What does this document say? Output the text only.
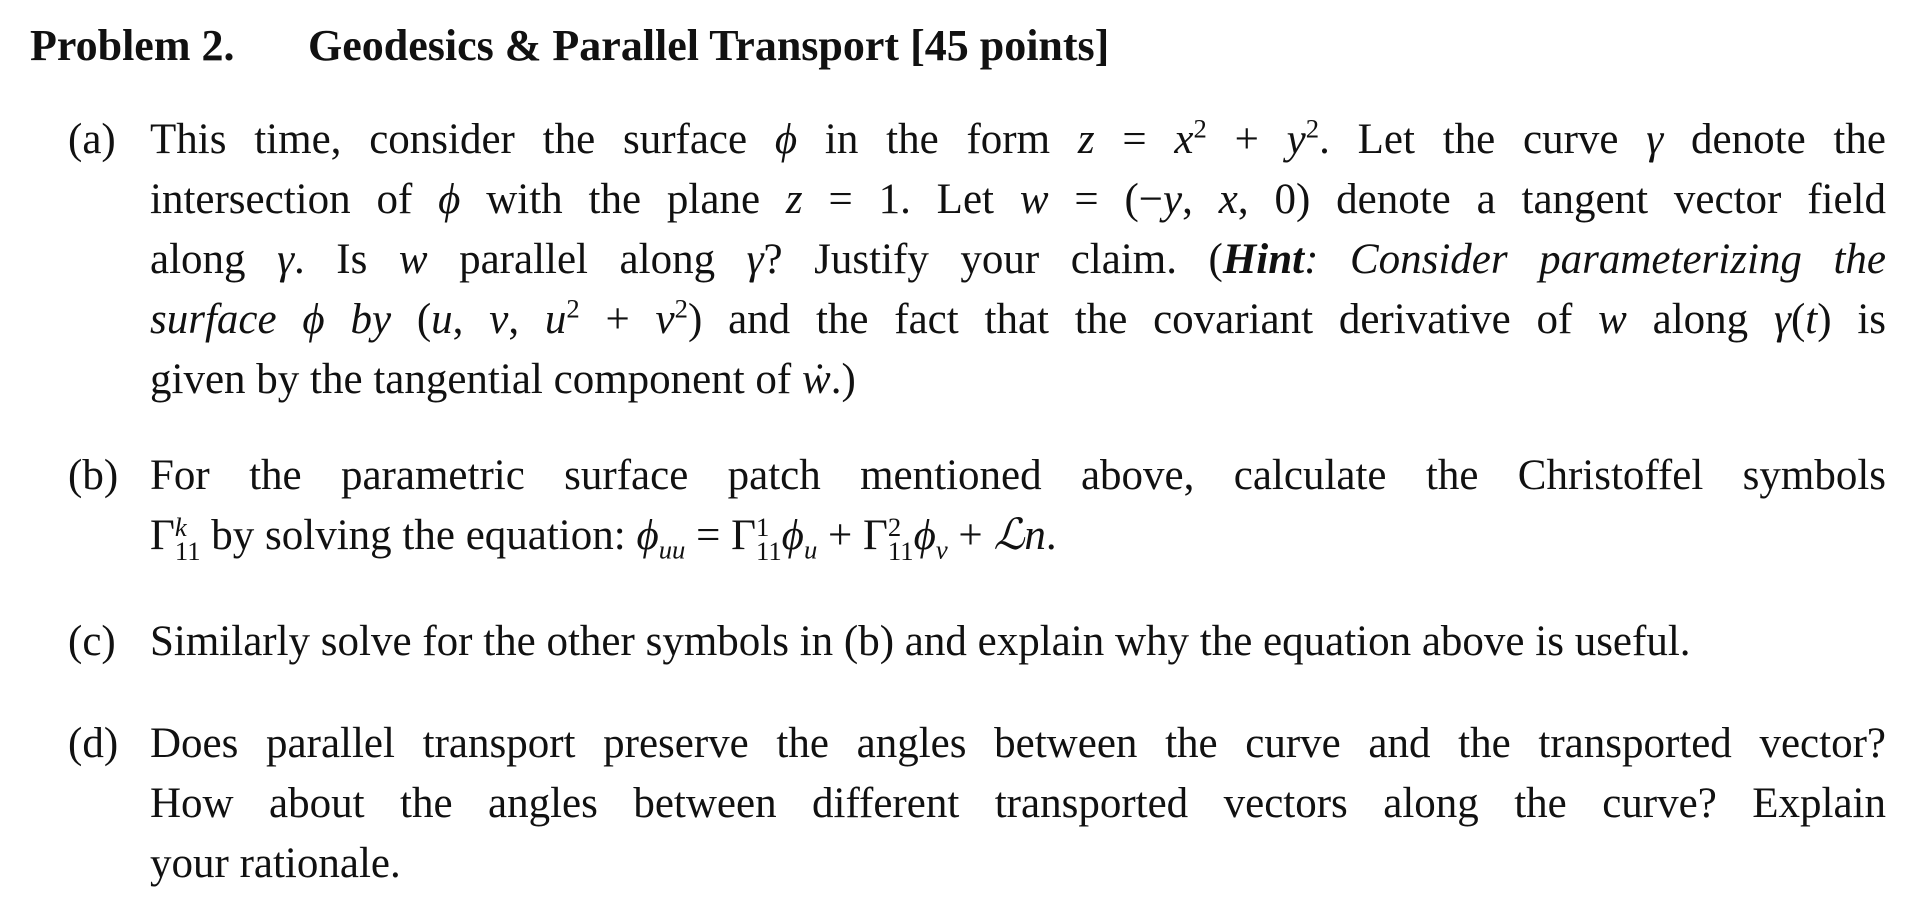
Problem 2. Geodesics & Parallel Transport [45 points]
(a) This time, consider the surface ϕ in the form $z = x^2 + y^2$. Let the curve γ denote the
intersection of ϕ with the plane z = 1. Let w = (−y, x, 0) denote a tangent vector field
along γ. Is w parallel along γ? Justify your claim. (Hint: Consider parameterizing the
surface ϕ by (u, v, $u^2 + v^2$) and the fact that the covariant derivative of w along γ(t) is
given by the tangential component of ẇ.)
(b) For the parametric surface patch mentioned above, calculate the Christoffel symbols
Γ k
11 by solving the equation: $\phi_{uu} = \Gamma$ 1
11 $\phi_u + \Gamma$ 2
11 $\phi_v$ + ℒn.
(c) Similarly solve for the other symbols in (b) and explain why the equation above is useful.
(d) Does parallel transport preserve the angles between the curve and the transported vector?
How about the angles between different transported vectors along the curve? Explain
your rationale.
